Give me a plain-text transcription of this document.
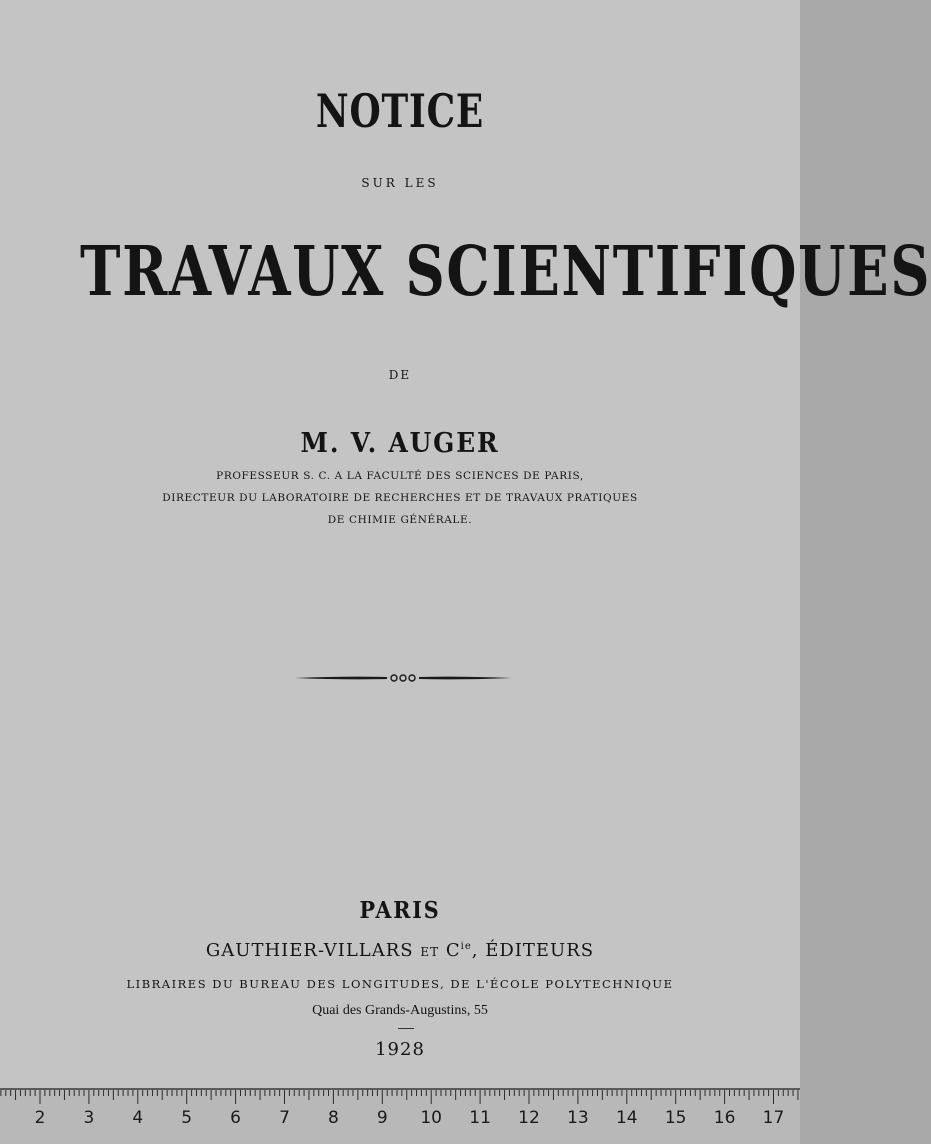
NOTICE
SUR LES
TRAVAUX SCIENTIFIQUES
DE
M. V. AUGER
PROFESSEUR S. C. A LA FACULTÉ DES SCIENCES DE PARIS,
DIRECTEUR DU LABORATOIRE DE RECHERCHES ET DE TRAVAUX PRATIQUES
DE CHIMIE GÉNÉRALE.
PARIS
GAUTHIER-VILLARS ET $C^{ie}$, ÉDITEURS
LIBRAIRES DU BUREAU DES LONGITUDES, DE L'ÉCOLE POLYTECHNIQUE
Quai des Grands-Augustins, 55
1928
2 3 4 5 6 7 8 9 10 11 12 13 14 15 16 17
